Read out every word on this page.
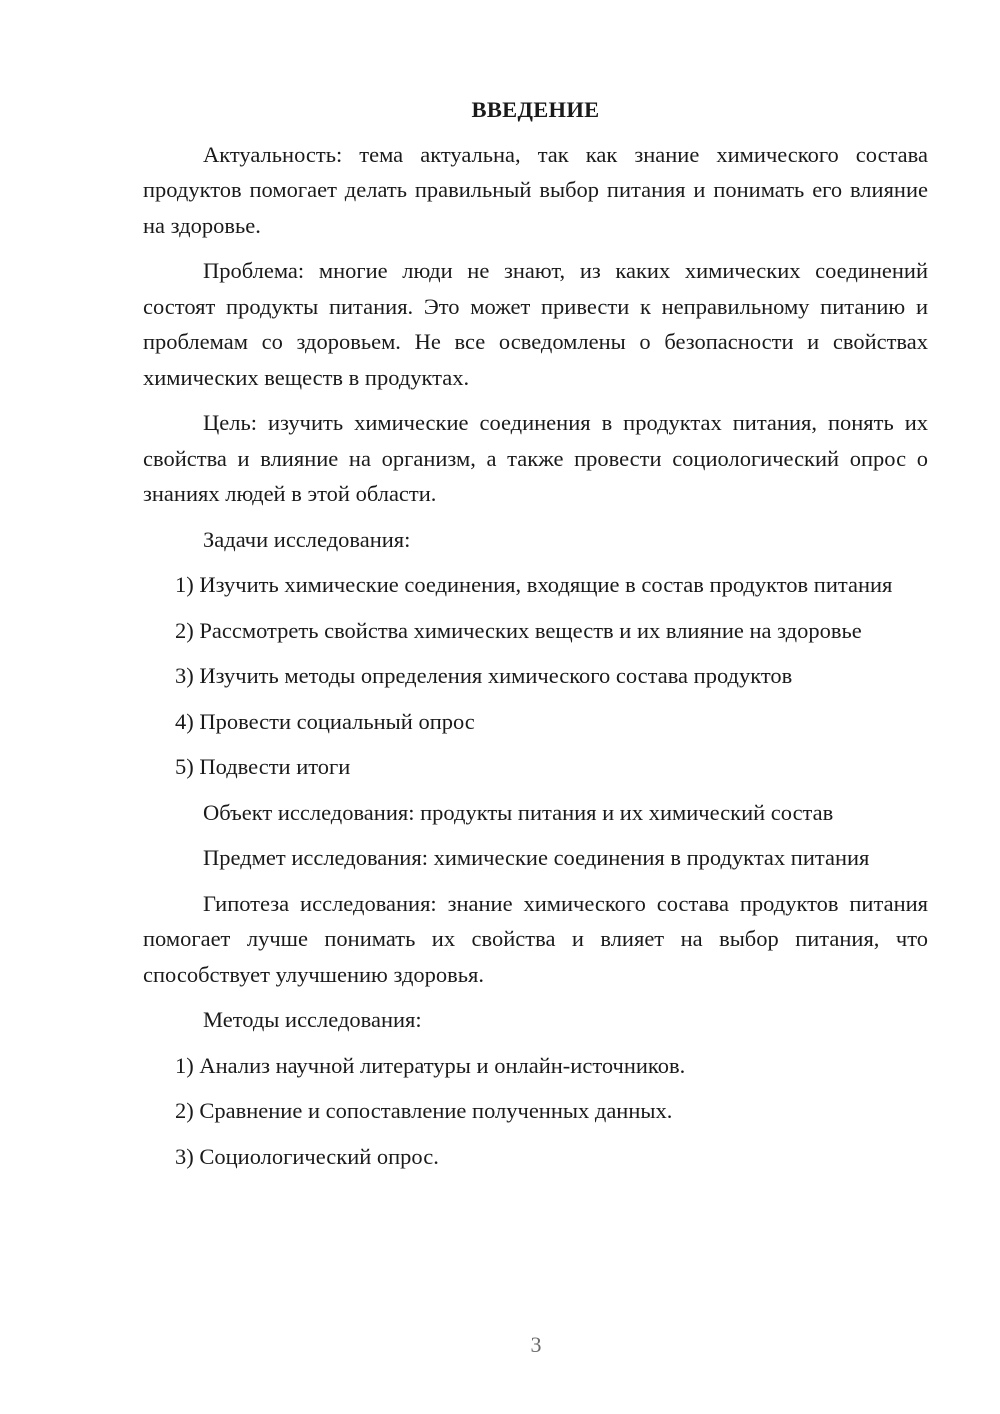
ВВЕДЕНИЕ

Актуальность: тема актуальна, так как знание химического состава продуктов помогает делать правильный выбор питания и понимать его влияние на здоровье.

Проблема: многие люди не знают, из каких химических соединений состоят продукты питания. Это может привести к неправильному питанию и проблемам со здоровьем. Не все осведомлены о безопасности и свойствах химических веществ в продуктах.

Цель: изучить химические соединения в продуктах питания, понять их свойства и влияние на организм, а также провести социологический опрос о знаниях людей в этой области.

Задачи исследования:

1) Изучить химические соединения, входящие в состав продуктов питания

2) Рассмотреть свойства химических веществ и их влияние на здоровье

3) Изучить методы определения химического состава продуктов

4) Провести социальный опрос

5) Подвести итоги

Объект исследования: продукты питания и их химический состав

Предмет исследования: химические соединения в продуктах питания

Гипотеза исследования: знание химического состава продуктов питания помогает лучше понимать их свойства и влияет на выбор питания, что способствует улучшению здоровья.

Методы исследования:

1) Анализ научной литературы и онлайн-источников.

2) Сравнение и сопоставление полученных данных.

3) Социологический опрос.

3
